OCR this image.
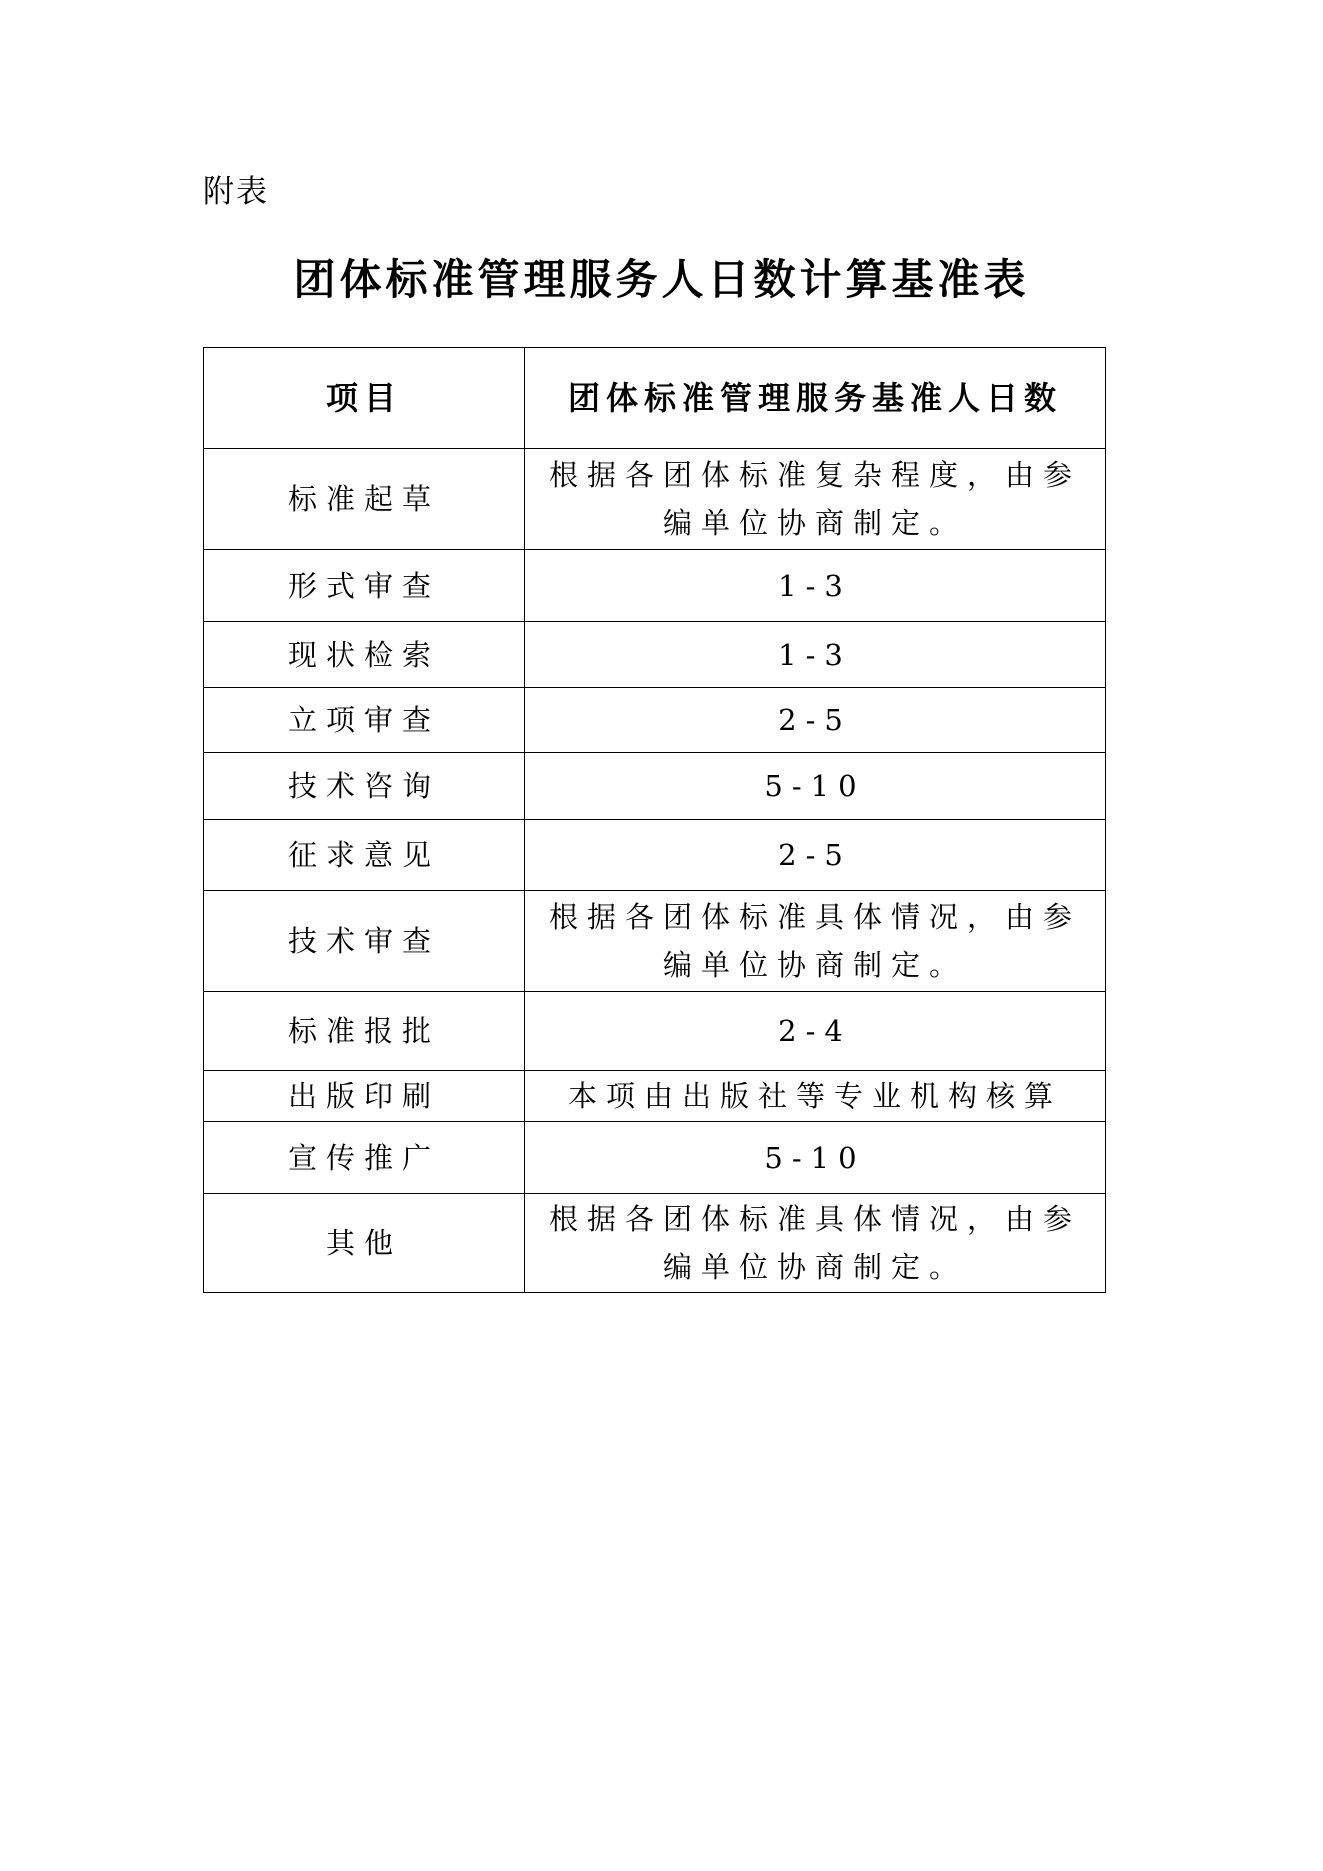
附表
团体标准管理服务人日数计算基准表
项目	团体标准管理服务基准人日数
标准起草	根据各团体标准复杂程度，由参编单位协商制定。
形式审查	1-3
现状检索	1-3
立项审查	2-5
技术咨询	5-10
征求意见	2-5
技术审查	根据各团体标准具体情况，由参编单位协商制定。
标准报批	2-4
出版印刷	本项由出版社等专业机构核算
宣传推广	5-10
其他	根据各团体标准具体情况，由参编单位协商制定。
